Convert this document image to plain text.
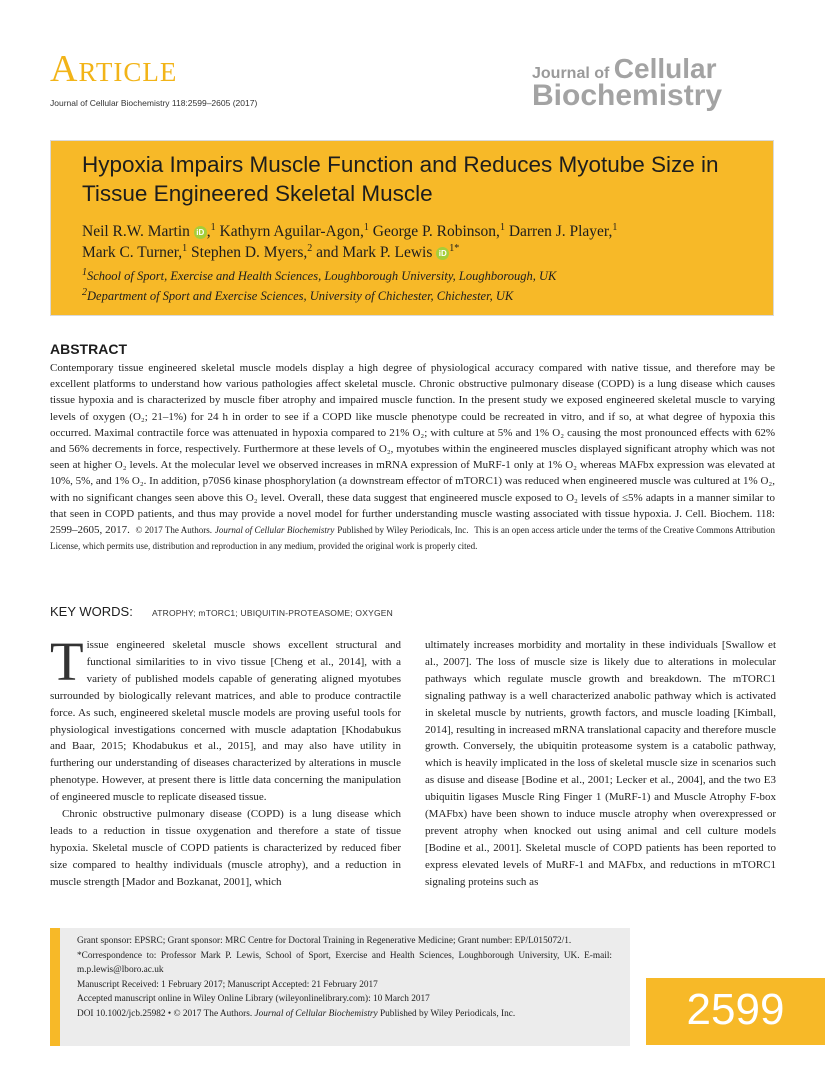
Article
Journal of Cellular Biochemistry 118:2599–2605 (2017)
Journal of Cellular
Biochemistry
Hypoxia Impairs Muscle Function and Reduces Myotube Size in Tissue Engineered Skeletal Muscle
Neil R.W. Martin iD ,$^1$ Kathyrn Aguilar-Agon,$^1$ George P. Robinson,$^1$ Darren J. Player,$^1$
Mark C. Turner,$^1$ Stephen D. Myers,$^2$ and Mark P. Lewis iD $^{1*}$
$^1$School of Sport, Exercise and Health Sciences, Loughborough University, Loughborough, UK
$^2$Department of Sport and Exercise Sciences, University of Chichester, Chichester, UK
ABSTRACT
Contemporary tissue engineered skeletal muscle models display a high degree of physiological accuracy compared with native tissue, and therefore may be excellent platforms to understand how various pathologies affect skeletal muscle. Chronic obstructive pulmonary disease (COPD) is a lung disease which causes tissue hypoxia and is characterized by muscle fiber atrophy and impaired muscle function. In the present study we exposed engineered skeletal muscle to varying levels of oxygen (O₂; 21–1%) for 24 h in order to see if a COPD like muscle phenotype could be recreated in vitro, and if so, at what degree of hypoxia this occurred. Maximal contractile force was attenuated in hypoxia compared to 21% O₂; with culture at 5% and 1% O₂ causing the most pronounced effects with 62% and 56% decrements in force, respectively. Furthermore at these levels of O₂, myotubes within the engineered muscles displayed significant atrophy which was not seen at higher O₂ levels. At the molecular level we observed increases in mRNA expression of MuRF-1 only at 1% O₂ whereas MAFbx expression was elevated at 10%, 5%, and 1% O₂. In addition, p70S6 kinase phosphorylation (a downstream effector of mTORC1) was reduced when engineered muscle was cultured at 1% O₂, with no significant changes seen above this O₂ level. Overall, these data suggest that engineered muscle exposed to O₂ levels of ≤5% adapts in a manner similar to that seen in COPD patients, and thus may provide a novel model for further understanding muscle wasting associated with tissue hypoxia. J. Cell. Biochem. 118: 2599–2605, 2017. © 2017 The Authors. Journal of Cellular Biochemistry Published by Wiley Periodicals, Inc. This is an open access article under the terms of the Creative Commons Attribution License, which permits use, distribution and reproduction in any medium, provided the original work is properly cited.
KEY WORDS: ATROPHY; mTORC1; UBIQUITIN-PROTEASOME; OXYGEN

Tissue engineered skeletal muscle shows excellent structural and functional similarities to in vivo tissue [Cheng et al., 2014], with a variety of published models capable of generating aligned myotubes surrounded by biologically relevant matrices, and able to produce contractile force. As such, engineered skeletal muscle models are proving useful tools for physiological investigations concerned with muscle adaptation [Khodabukus and Baar, 2015; Khodabukus et al., 2015], and may also have utility in furthering our understanding of diseases characterized by alterations in muscle phenotype. However, at present there is little data concerning the manipulation of engineered muscle to replicate diseased tissue.

Chronic obstructive pulmonary disease (COPD) is a lung disease which leads to a reduction in tissue oxygenation and therefore a state of tissue hypoxia. Skeletal muscle of COPD patients is characterized by reduced fiber size compared to healthy individuals (muscle atrophy), and a reduction in muscle strength [Mador and Bozkanat, 2001], which

ultimately increases morbidity and mortality in these individuals [Swallow et al., 2007]. The loss of muscle size is likely due to alterations in molecular pathways which regulate muscle growth and breakdown. The mTORC1 signaling pathway is a well characterized anabolic pathway which is activated in skeletal muscle by nutrients, growth factors, and muscle loading [Kimball, 2014], resulting in increased mRNA translational capacity and therefore muscle growth. Conversely, the ubiquitin proteasome system is a catabolic pathway, which is heavily implicated in the loss of skeletal muscle size in scenarios such as disuse and disease [Bodine et al., 2001; Lecker et al., 2004], and the two E3 ubiquitin ligases Muscle Ring Finger 1 (MuRF-1) and Muscle Atrophy F-box (MAFbx) have been shown to induce muscle atrophy when overexpressed or prevent atrophy when knocked out using animal and cell culture models [Bodine et al., 2001]. Skeletal muscle of COPD patients has been reported to express elevated levels of MuRF-1 and MAFbx, and reductions in mTORC1 signaling proteins such as

Grant sponsor: EPSRC; Grant sponsor: MRC Centre for Doctoral Training in Regenerative Medicine; Grant number: EP/L015072/1.

*Correspondence to: Professor Mark P. Lewis, School of Sport, Exercise and Health Sciences, Loughborough University, UK. E-mail: m.p.lewis@lboro.ac.uk

Manuscript Received: 1 February 2017; Manuscript Accepted: 21 February 2017

Accepted manuscript online in Wiley Online Library (wileyonlinelibrary.com): 10 March 2017

DOI 10.1002/jcb.25982 • © 2017 The Authors. Journal of Cellular Biochemistry Published by Wiley Periodicals, Inc.	2599
